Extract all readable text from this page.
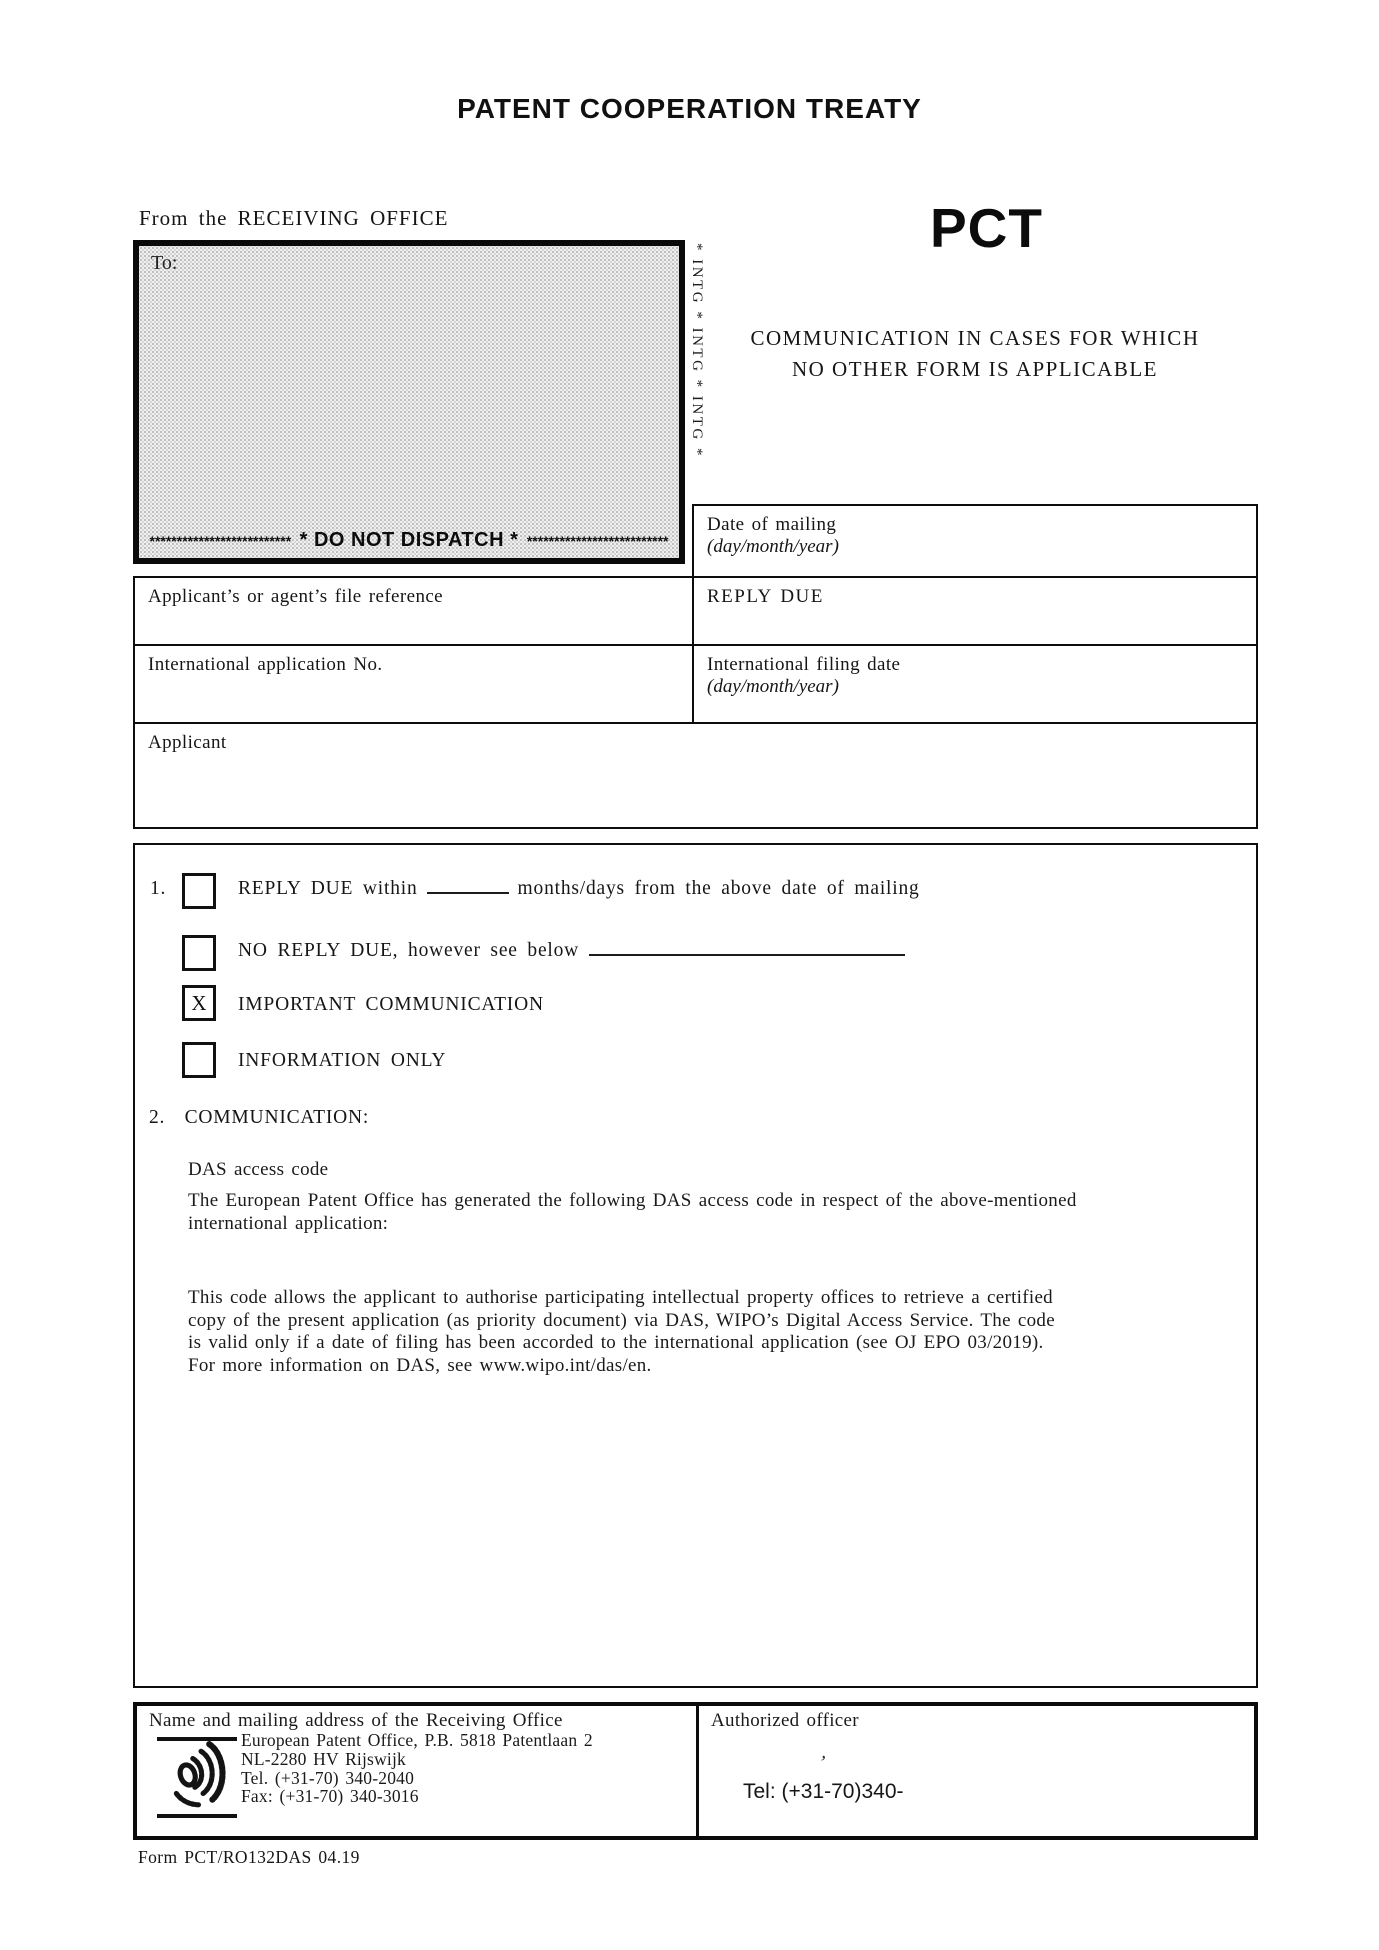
PATENT COOPERATION TREATY
From the RECEIVING OFFICE	PCT
COMMUNICATION IN CASES FOR WHICH
NO OTHER FORM IS APPLICABLE
To:
************************** * DO NOT DISPATCH * **************************
* INTG * INTG * INTG *
Date of mailing
(day/month/year)
Applicant’s or agent’s file reference	REPLY DUE
International application No.	International filing date
(day/month/year)
Applicant
1.	REPLY DUE within	months/days from the above date of mailing
NO REPLY DUE, however see below
X	IMPORTANT COMMUNICATION
INFORMATION ONLY
2. COMMUNICATION:
DAS access code
The European Patent Office has generated the following DAS access code in respect of the above-mentioned
international application:
This code allows the applicant to authorise participating intellectual property offices to retrieve a certified
copy of the present application (as priority document) via DAS, WIPO’s Digital Access Service. The code
is valid only if a date of filing has been accorded to the international application (see OJ EPO 03/2019).
For more information on DAS, see www.wipo.int/das/en.
Name and mailing address of the Receiving Office
European Patent Office, P.B. 5818 Patentlaan 2
NL-2280 HV Rijswijk
Tel. (+31-70) 340-2040
Fax: (+31-70) 340-3016
Authorized officer
’
Tel: (+31-70)340-
Form PCT/RO132DAS 04.19
